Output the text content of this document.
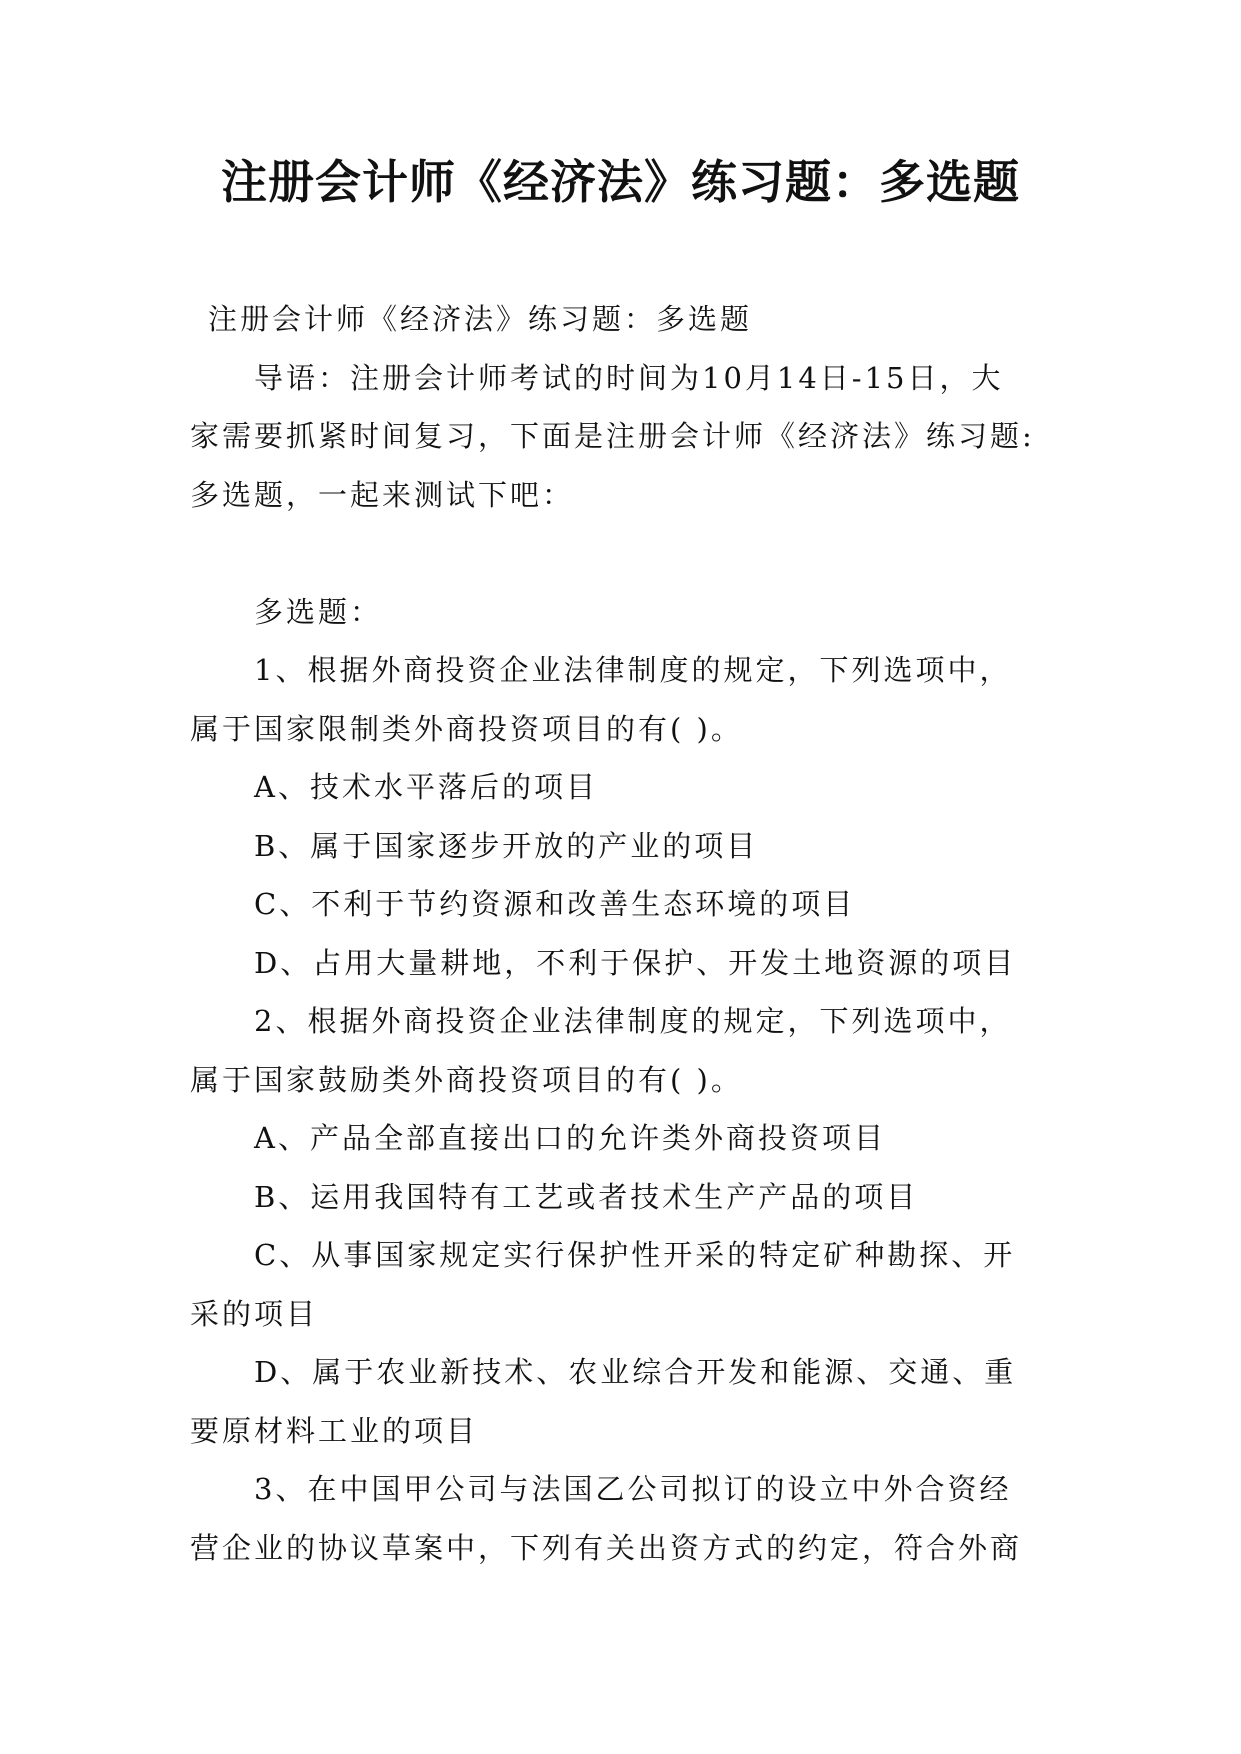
注册会计师《经济法》练习题：多选题
注册会计师《经济法》练习题：多选题
导语：注册会计师考试的时间为10月14日-15日，大
家需要抓紧时间复习，下面是注册会计师《经济法》练习题:
多选题，一起来测试下吧：
多选题：
1、根据外商投资企业法律制度的规定，下列选项中，
属于国家限制类外商投资项目的有( )。
A、技术水平落后的项目
B、属于国家逐步开放的产业的项目
C、不利于节约资源和改善生态环境的项目
D、占用大量耕地，不利于保护、开发土地资源的项目
2、根据外商投资企业法律制度的规定，下列选项中，
属于国家鼓励类外商投资项目的有( )。
A、产品全部直接出口的允许类外商投资项目
B、运用我国特有工艺或者技术生产产品的项目
C、从事国家规定实行保护性开采的特定矿种勘探、开
采的项目
D、属于农业新技术、农业综合开发和能源、交通、重
要原材料工业的项目
3、在中国甲公司与法国乙公司拟订的设立中外合资经
营企业的协议草案中，下列有关出资方式的约定，符合外商
